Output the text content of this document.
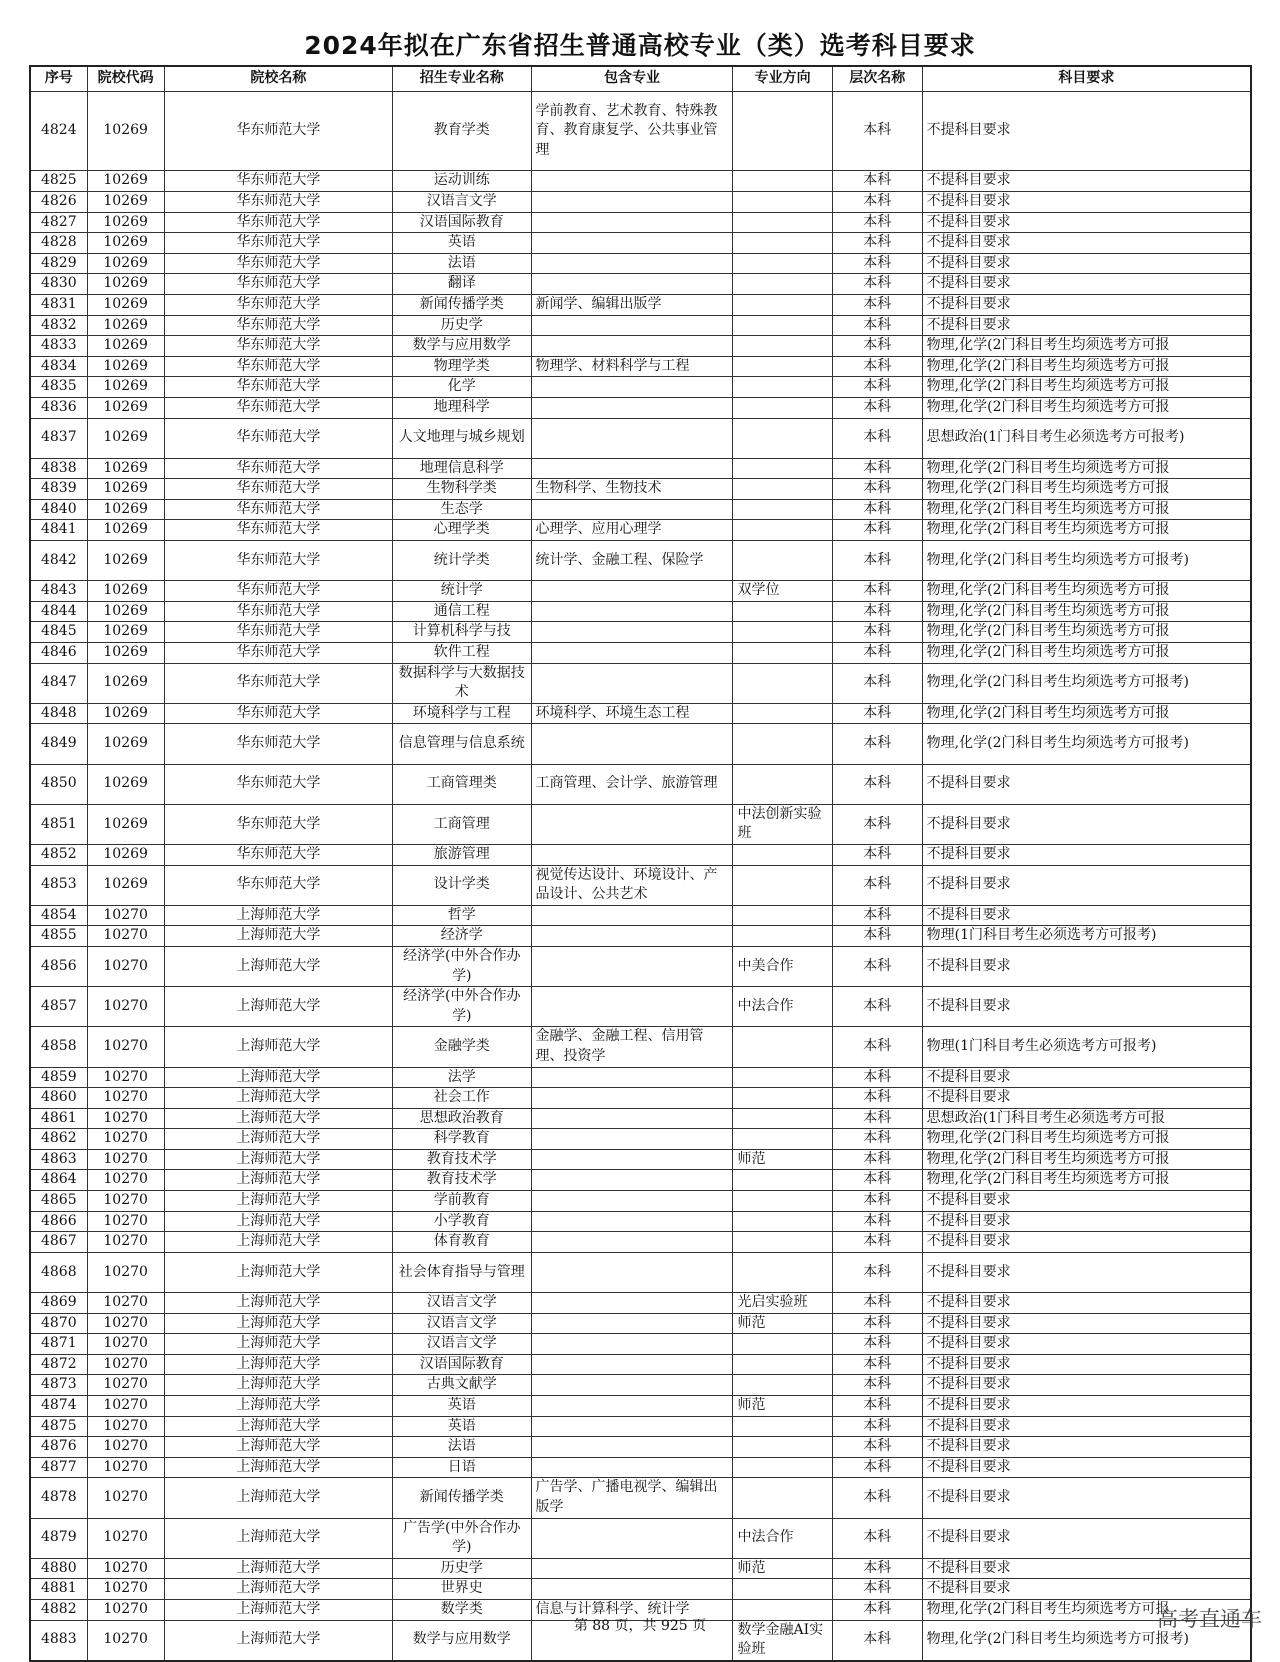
2024年拟在广东省招生普通高校专业（类）选考科目要求
序号	院校代码	院校名称	招生专业名称	包含专业	专业方向	层次名称	科目要求
4824	10269	华东师范大学	教育学类	学前教育、艺术教育、特殊教育、教育康复学、公共事业管理		本科	不提科目要求
4825	10269	华东师范大学	运动训练			本科	不提科目要求
4826	10269	华东师范大学	汉语言文学			本科	不提科目要求
4827	10269	华东师范大学	汉语国际教育			本科	不提科目要求
4828	10269	华东师范大学	英语			本科	不提科目要求
4829	10269	华东师范大学	法语			本科	不提科目要求
4830	10269	华东师范大学	翻译			本科	不提科目要求
4831	10269	华东师范大学	新闻传播学类	新闻学、编辑出版学		本科	不提科目要求
4832	10269	华东师范大学	历史学			本科	不提科目要求
4833	10269	华东师范大学	数学与应用数学			本科	物理,化学(2门科目考生均须选考方可报
4834	10269	华东师范大学	物理学类	物理学、材料科学与工程		本科	物理,化学(2门科目考生均须选考方可报
4835	10269	华东师范大学	化学			本科	物理,化学(2门科目考生均须选考方可报
4836	10269	华东师范大学	地理科学			本科	物理,化学(2门科目考生均须选考方可报
4837	10269	华东师范大学	人文地理与城乡规划			本科	思想政治(1门科目考生必须选考方可报考)
4838	10269	华东师范大学	地理信息科学			本科	物理,化学(2门科目考生均须选考方可报
4839	10269	华东师范大学	生物科学类	生物科学、生物技术		本科	物理,化学(2门科目考生均须选考方可报
4840	10269	华东师范大学	生态学			本科	物理,化学(2门科目考生均须选考方可报
4841	10269	华东师范大学	心理学类	心理学、应用心理学		本科	物理,化学(2门科目考生均须选考方可报
4842	10269	华东师范大学	统计学类	统计学、金融工程、保险学		本科	物理,化学(2门科目考生均须选考方可报考)
4843	10269	华东师范大学	统计学		双学位	本科	物理,化学(2门科目考生均须选考方可报
4844	10269	华东师范大学	通信工程			本科	物理,化学(2门科目考生均须选考方可报
4845	10269	华东师范大学	计算机科学与技			本科	物理,化学(2门科目考生均须选考方可报
4846	10269	华东师范大学	软件工程			本科	物理,化学(2门科目考生均须选考方可报
4847	10269	华东师范大学	数据科学与大数据技术			本科	物理,化学(2门科目考生均须选考方可报考)
4848	10269	华东师范大学	环境科学与工程	环境科学、环境生态工程		本科	物理,化学(2门科目考生均须选考方可报
4849	10269	华东师范大学	信息管理与信息系统			本科	物理,化学(2门科目考生均须选考方可报考)
4850	10269	华东师范大学	工商管理类	工商管理、会计学、旅游管理		本科	不提科目要求
4851	10269	华东师范大学	工商管理		中法创新实验班	本科	不提科目要求
4852	10269	华东师范大学	旅游管理			本科	不提科目要求
4853	10269	华东师范大学	设计学类	视觉传达设计、环境设计、产品设计、公共艺术		本科	不提科目要求
4854	10270	上海师范大学	哲学			本科	不提科目要求
4855	10270	上海师范大学	经济学			本科	物理(1门科目考生必须选考方可报考)
4856	10270	上海师范大学	经济学(中外合作办学)		中美合作	本科	不提科目要求
4857	10270	上海师范大学	经济学(中外合作办学)		中法合作	本科	不提科目要求
4858	10270	上海师范大学	金融学类	金融学、金融工程、信用管理、投资学		本科	物理(1门科目考生必须选考方可报考)
4859	10270	上海师范大学	法学			本科	不提科目要求
4860	10270	上海师范大学	社会工作			本科	不提科目要求
4861	10270	上海师范大学	思想政治教育			本科	思想政治(1门科目考生必须选考方可报
4862	10270	上海师范大学	科学教育			本科	物理,化学(2门科目考生均须选考方可报
4863	10270	上海师范大学	教育技术学		师范	本科	物理,化学(2门科目考生均须选考方可报
4864	10270	上海师范大学	教育技术学			本科	物理,化学(2门科目考生均须选考方可报
4865	10270	上海师范大学	学前教育			本科	不提科目要求
4866	10270	上海师范大学	小学教育			本科	不提科目要求
4867	10270	上海师范大学	体育教育			本科	不提科目要求
4868	10270	上海师范大学	社会体育指导与管理			本科	不提科目要求
4869	10270	上海师范大学	汉语言文学		光启实验班	本科	不提科目要求
4870	10270	上海师范大学	汉语言文学		师范	本科	不提科目要求
4871	10270	上海师范大学	汉语言文学			本科	不提科目要求
4872	10270	上海师范大学	汉语国际教育			本科	不提科目要求
4873	10270	上海师范大学	古典文献学			本科	不提科目要求
4874	10270	上海师范大学	英语		师范	本科	不提科目要求
4875	10270	上海师范大学	英语			本科	不提科目要求
4876	10270	上海师范大学	法语			本科	不提科目要求
4877	10270	上海师范大学	日语			本科	不提科目要求
4878	10270	上海师范大学	新闻传播学类	广告学、广播电视学、编辑出版学		本科	不提科目要求
4879	10270	上海师范大学	广告学(中外合作办学)		中法合作	本科	不提科目要求
4880	10270	上海师范大学	历史学		师范	本科	不提科目要求
4881	10270	上海师范大学	世界史			本科	不提科目要求
4882	10270	上海师范大学	数学类	信息与计算科学、统计学		本科	物理,化学(2门科目考生均须选考方可报
4883	10270	上海师范大学	数学与应用数学		数学金融AI实验班	本科	物理,化学(2门科目考生均须选考方可报考)
第 88 页，共 925 页	高考直通车
